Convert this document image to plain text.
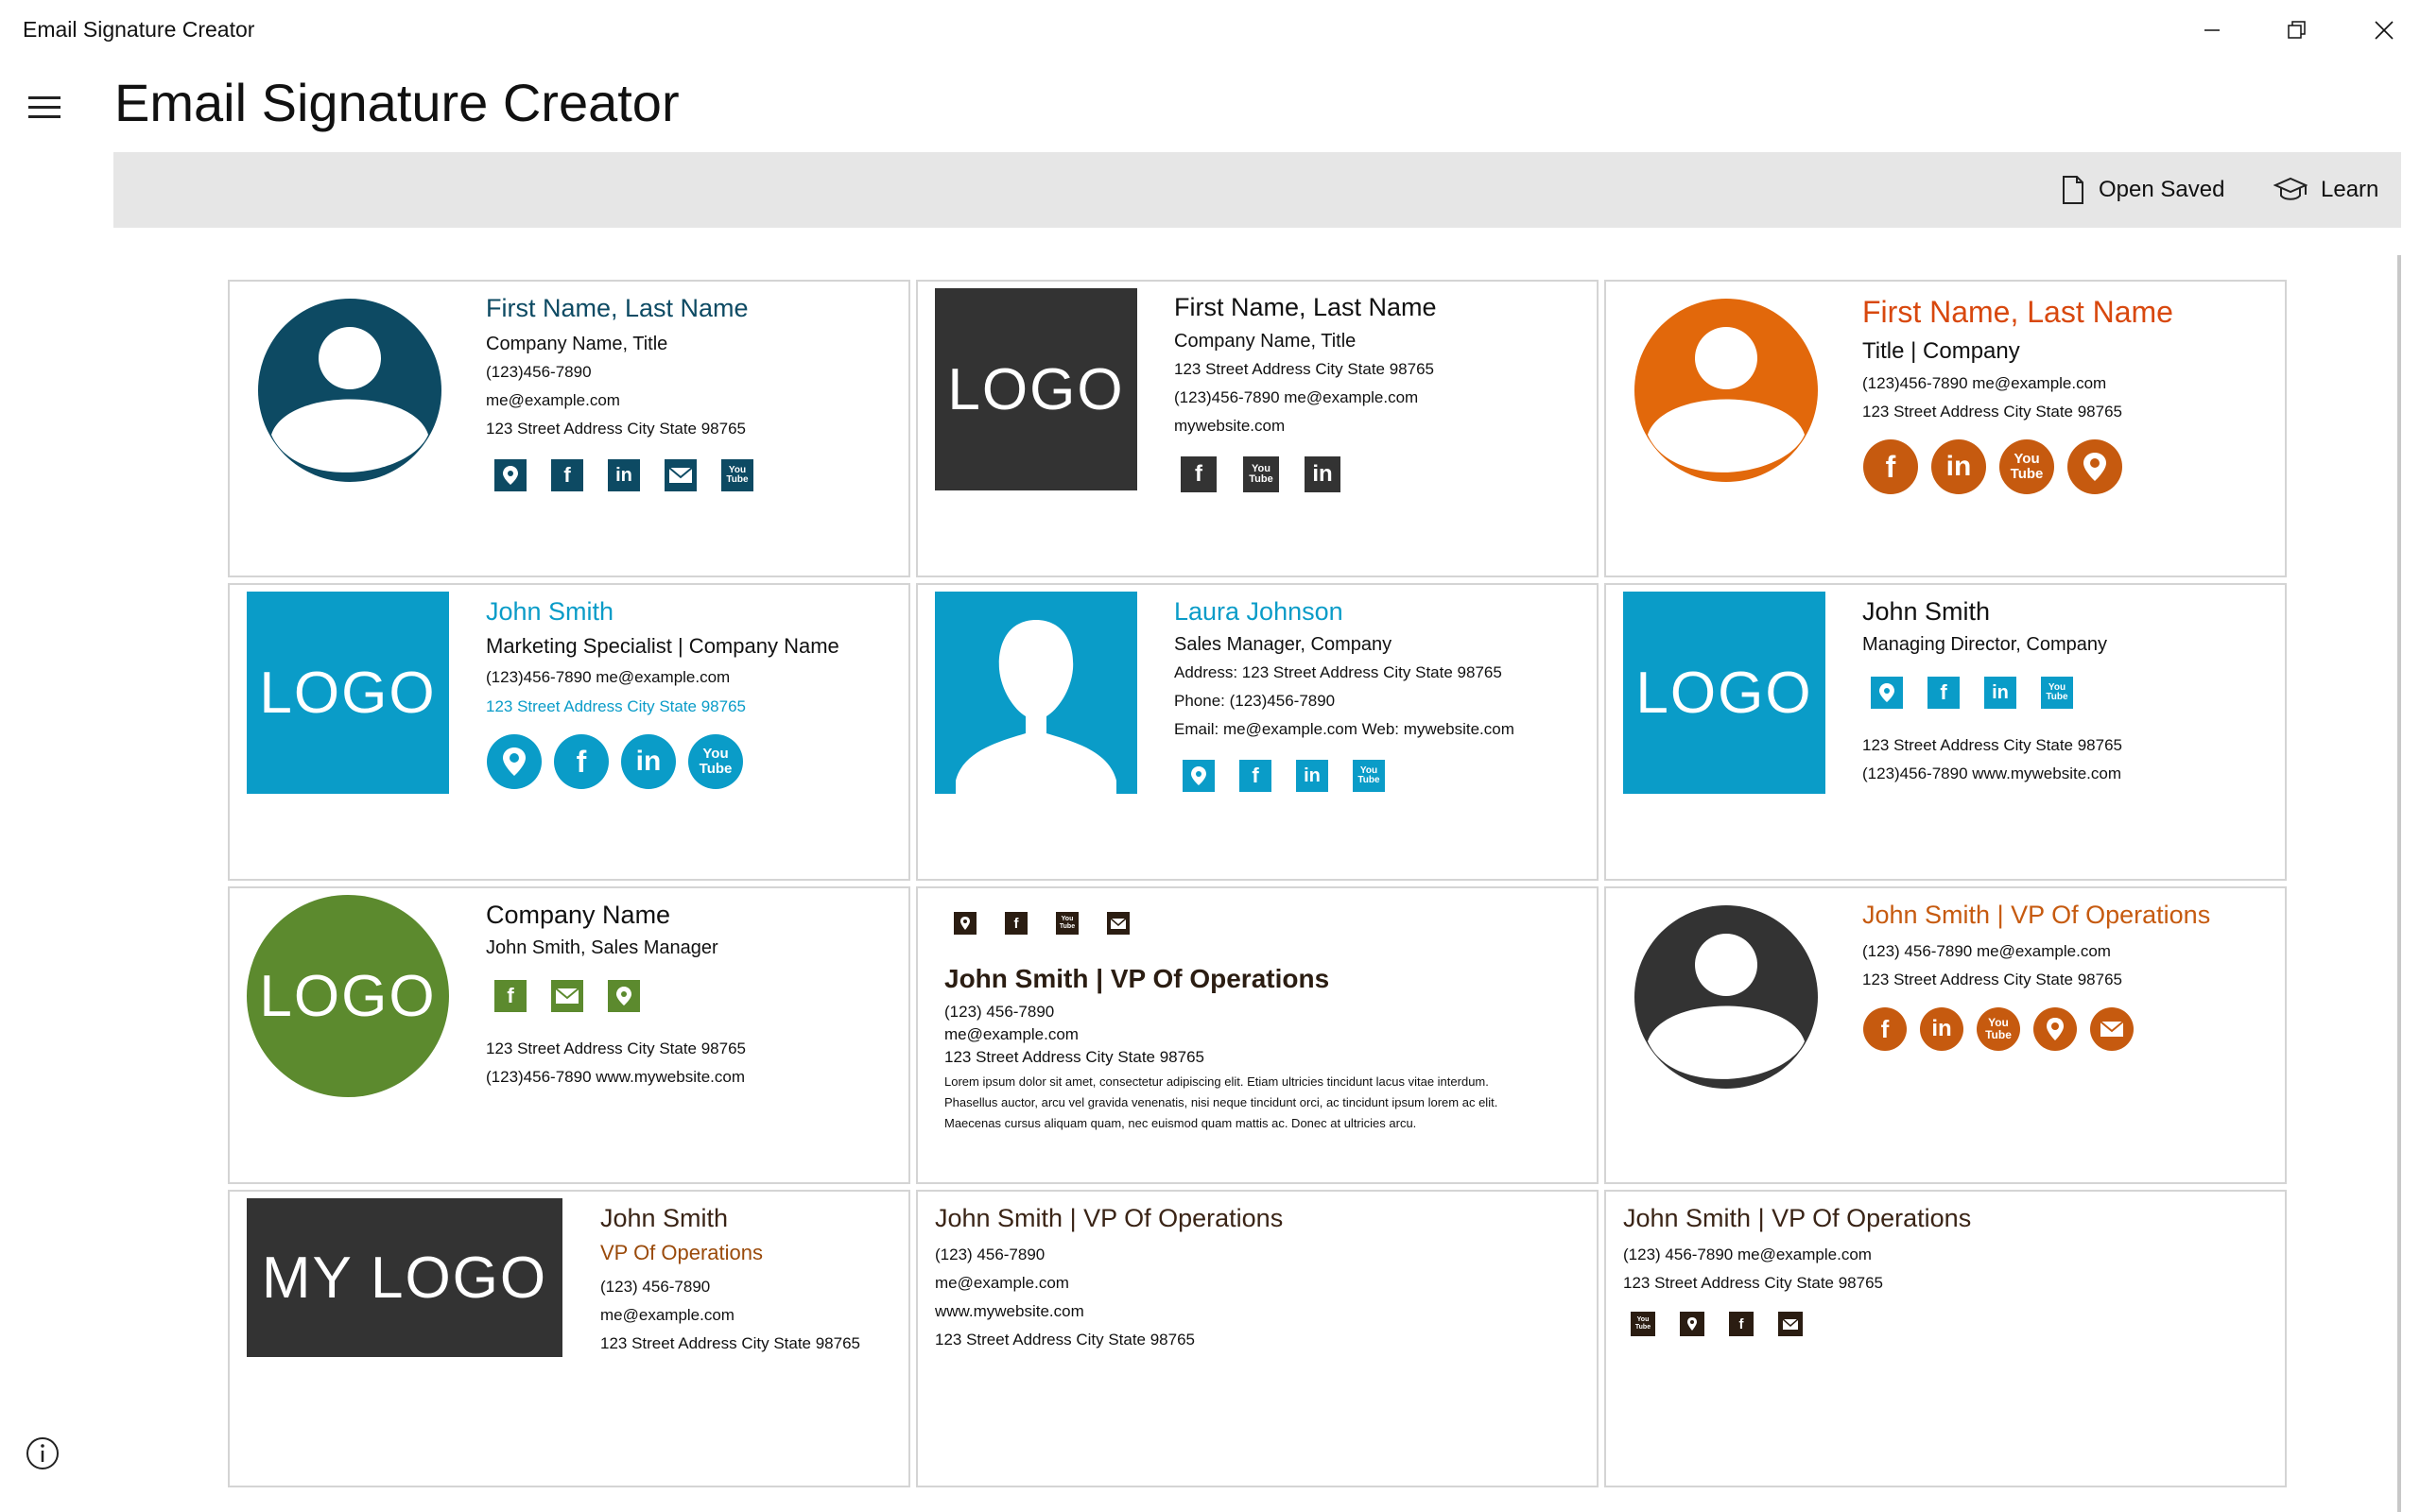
Email Signature Creator
Email Signature Creator
Open Saved	Learn
First Name, Last Name
Company Name, Title
(123)456-7890
me@example.com
123 Street Address City State 98765
f in	You
Tube
LOGO
First Name, Last Name
Company Name, Title
123 Street Address City State 98765
(123)456-7890 me@example.com
mywebsite.com
f	You
Tube in
First Name, Last Name
Title | Company
(123)456-7890 me@example.com
123 Street Address City State 98765
f in	You
Tube
LOGO
John Smith
Marketing Specialist | Company Name
(123)456-7890 me@example.com
123 Street Address City State 98765
f in	You
Tube
Laura Johnson
Sales Manager, Company
Address: 123 Street Address City State 98765
Phone: (123)456-7890
Email: me@example.com Web: mywebsite.com
f in	You
Tube
LOGO
John Smith
Managing Director, Company
f in	You
Tube
123 Street Address City State 98765
(123)456-7890 www.mywebsite.com
LOGO
Company Name
John Smith, Sales Manager
f
123 Street Address City State 98765
(123)456-7890 www.mywebsite.com
f	You
Tube
John Smith | VP Of Operations
(123) 456-7890
me@example.com
123 Street Address City State 98765
Lorem ipsum dolor sit amet, consectetur adipiscing elit. Etiam ultricies tincidunt lacus vitae interdum.
Phasellus auctor, arcu vel gravida venenatis, nisi neque tincidunt orci, ac tincidunt ipsum lorem ac elit.
Maecenas cursus aliquam quam, nec euismod quam mattis ac. Donec at ultricies arcu.
John Smith | VP Of Operations
(123) 456-7890 me@example.com
123 Street Address City State 98765
f in	You
Tube
MY LOGO
John Smith
VP Of Operations
(123) 456-7890
me@example.com
123 Street Address City State 98765
John Smith | VP Of Operations
(123) 456-7890
me@example.com
www.mywebsite.com
123 Street Address City State 98765
John Smith | VP Of Operations
(123) 456-7890 me@example.com
123 Street Address City State 98765
You
Tube	f
